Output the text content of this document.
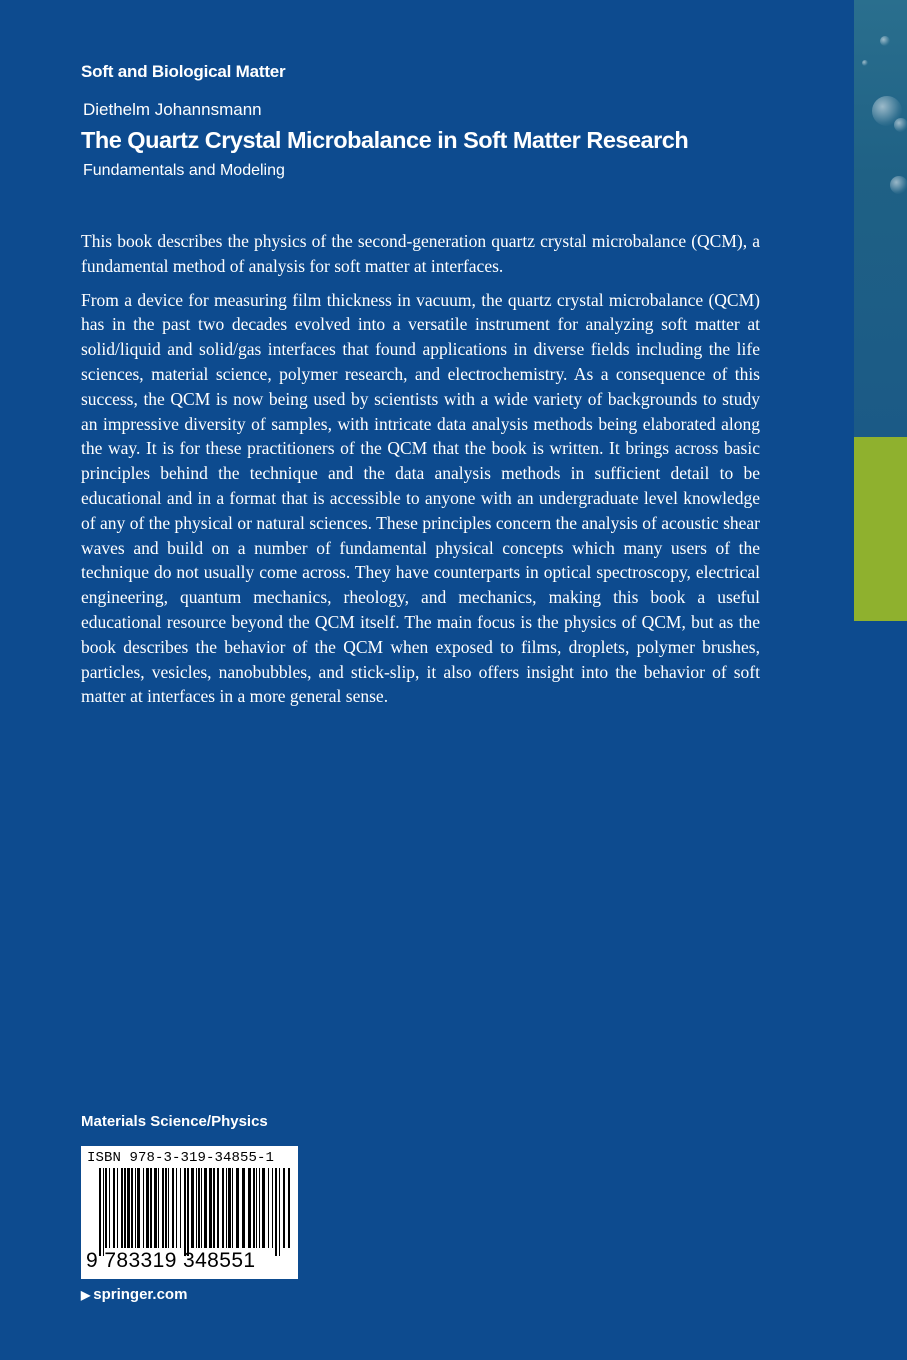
Soft and Biological Matter
Diethelm Johannsmann
The Quartz Crystal Microbalance in Soft Matter Research
Fundamentals and Modeling

This book describes the physics of the second-generation quartz crystal microbalance (QCM), a fundamental method of analysis for soft matter at interfaces.

From a device for measuring film thickness in vacuum, the quartz crystal microbalance (QCM) has in the past two decades evolved into a versatile instrument for analyzing soft matter at solid/liquid and solid/gas interfaces that found applications in diverse fields including the life sciences, material science, polymer research, and electrochemistry. As a consequence of this success, the QCM is now being used by scientists with a wide variety of backgrounds to study an impressive diversity of samples, with intricate data analysis methods being elaborated along the way. It is for these practitioners of the QCM that the book is written. It brings across basic principles behind the technique and the data analysis methods in sufficient detail to be educational and in a format that is accessible to anyone with an undergraduate level knowledge of any of the physical or natural sciences. These principles concern the analysis of acoustic shear waves and build on a number of fundamental physical concepts which many users of the technique do not usually come across. They have counterparts in optical spectroscopy, electrical engineering, quantum mechanics, rheology, and mechanics, making this book a useful educational resource beyond the QCM itself. The main focus is the physics of QCM, but as the book describes the behavior of the QCM when exposed to films, droplets, polymer brushes, particles, vesicles, nanobubbles, and stick-slip, it also offers insight into the behavior of soft matter at interfaces in a more general sense.

Materials Science/Physics
ISBN 978-3-319-34855-1
9 783319 348551
▶ springer.com
